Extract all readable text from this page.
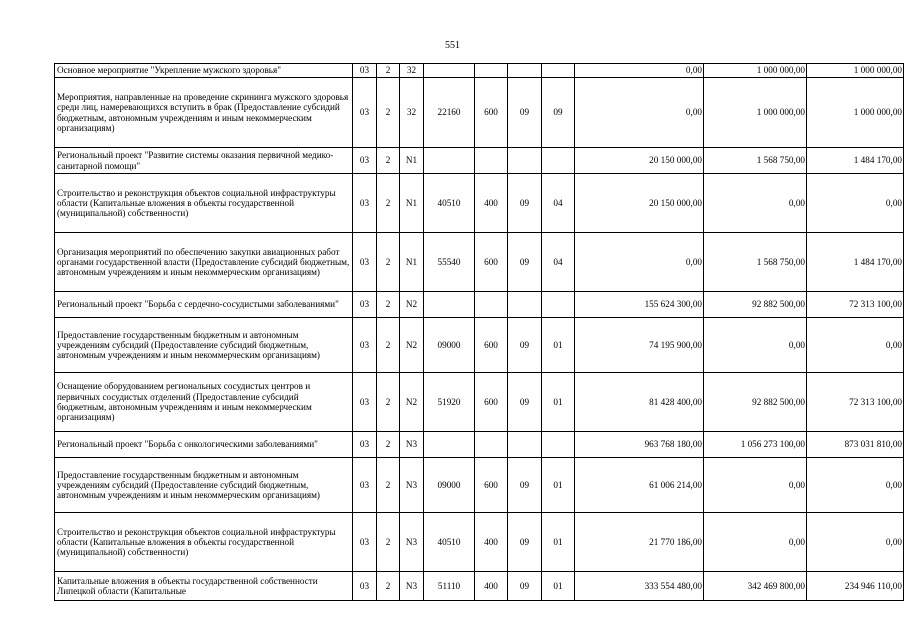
551
Основное мероприятие "Укрепление мужского здоровья"	03	2	32					0,00	1 000 000,00	1 000 000,00
Мероприятия, направленные на проведение скрининга мужского здоровья среди лиц, намеревающихся вступить в брак (Предоставление субсидий бюджетным, автономным учреждениям и иным некоммерческим организациям)	03	2	32	22160	600	09	09	0,00	1 000 000,00	1 000 000,00
Региональный проект "Развитие системы оказания первичной медико-санитарной помощи"	03	2	N1					20 150 000,00	1 568 750,00	1 484 170,00
Строительство и реконструкция объектов социальной инфраструктуры области (Капитальные вложения в объекты государственной (муниципальной) собственности)	03	2	N1	40510	400	09	04	20 150 000,00	0,00	0,00
Организация мероприятий по обеспечению закупки авиационных работ органами государственной власти (Предоставление субсидий бюджетным, автономным учреждениям и иным некоммерческим организациям)	03	2	N1	55540	600	09	04	0,00	1 568 750,00	1 484 170,00
Региональный проект "Борьба с сердечно-сосудистыми заболеваниями"	03	2	N2					155 624 300,00	92 882 500,00	72 313 100,00
Предоставление государственным бюджетным и автономным учреждениям субсидий (Предоставление субсидий бюджетным, автономным учреждениям и иным некоммерческим организациям)	03	2	N2	09000	600	09	01	74 195 900,00	0,00	0,00
Оснащение оборудованием региональных сосудистых центров и первичных сосудистых отделений (Предоставление субсидий бюджетным, автономным учреждениям и иным некоммерческим организациям)	03	2	N2	51920	600	09	01	81 428 400,00	92 882 500,00	72 313 100,00
Региональный проект "Борьба с онкологическими заболеваниями"	03	2	N3					963 768 180,00	1 056 273 100,00	873 031 810,00
Предоставление государственным бюджетным и автономным учреждениям субсидий (Предоставление субсидий бюджетным, автономным учреждениям и иным некоммерческим организациям)	03	2	N3	09000	600	09	01	61 006 214,00	0,00	0,00
Строительство и реконструкция объектов социальной инфраструктуры области (Капитальные вложения в объекты государственной (муниципальной) собственности)	03	2	N3	40510	400	09	01	21 770 186,00	0,00	0,00
Капитальные вложения в объекты государственной собственности Липецкой области (Капитальные	03	2	N3	51110	400	09	01	333 554 480,00	342 469 800,00	234 946 110,00
